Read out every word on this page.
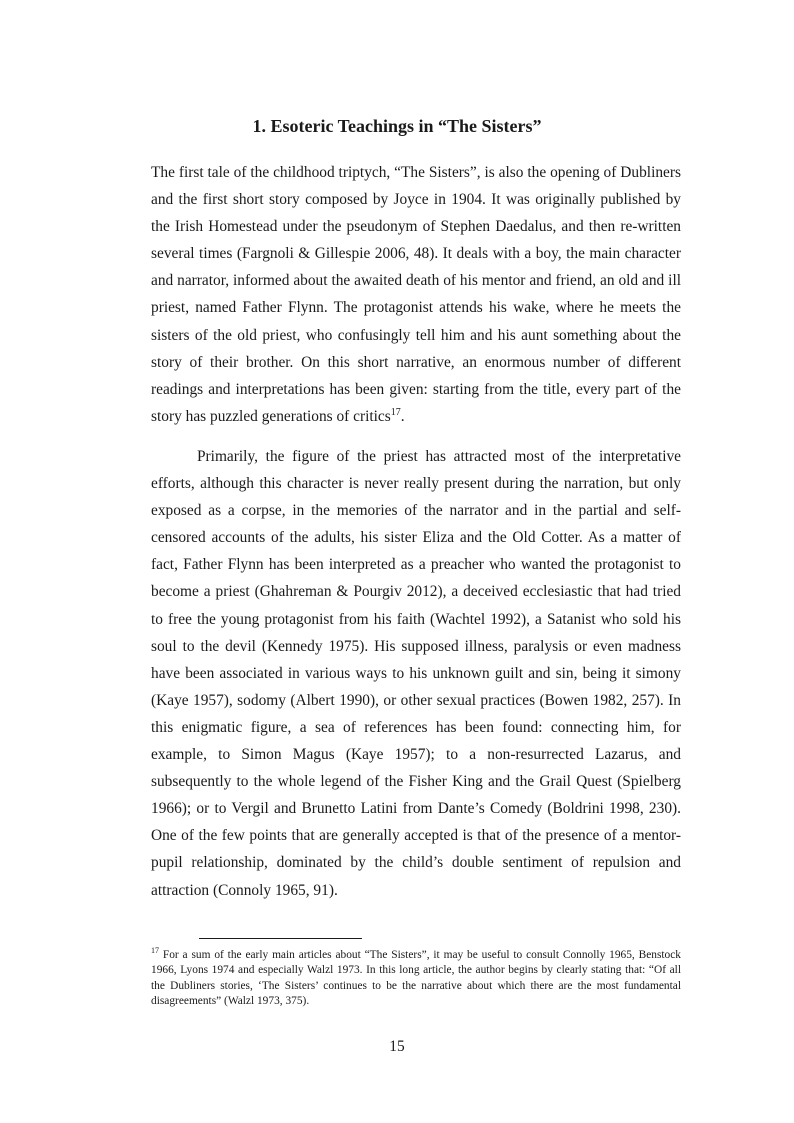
1. Esoteric Teachings in “The Sisters”

The first tale of the childhood triptych, “The Sisters”, is also the opening of Dubliners and the first short story composed by Joyce in 1904. It was originally published by the Irish Homestead under the pseudonym of Stephen Daedalus, and then re-written several times (Fargnoli & Gillespie 2006, 48). It deals with a boy, the main character and narrator, informed about the awaited death of his mentor and friend, an old and ill priest, named Father Flynn. The protagonist attends his wake, where he meets the sisters of the old priest, who confusingly tell him and his aunt something about the story of their brother. On this short narrative, an enormous number of different readings and interpretations has been given: starting from the title, every part of the story has puzzled generations of critics$^{17}$.

Primarily, the figure of the priest has attracted most of the interpretative efforts, although this character is never really present during the narration, but only exposed as a corpse, in the memories of the narrator and in the partial and self-censored accounts of the adults, his sister Eliza and the Old Cotter. As a matter of fact, Father Flynn has been interpreted as a preacher who wanted the protagonist to become a priest (Ghahreman & Pourgiv 2012), a deceived ecclesiastic that had tried to free the young protagonist from his faith (Wachtel 1992), a Satanist who sold his soul to the devil (Kennedy 1975). His supposed illness, paralysis or even madness have been associated in various ways to his unknown guilt and sin, being it simony (Kaye 1957), sodomy (Albert 1990), or other sexual practices (Bowen 1982, 257). In this enigmatic figure, a sea of references has been found: connecting him, for example, to Simon Magus (Kaye 1957); to a non-resurrected Lazarus, and subsequently to the whole legend of the Fisher King and the Grail Quest (Spielberg 1966); or to Vergil and Brunetto Latini from Dante’s Comedy (Boldrini 1998, 230). One of the few points that are generally accepted is that of the presence of a mentor-pupil relationship, dominated by the child’s double sentiment of repulsion and attraction (Connoly 1965, 91).

$^{17}$ For a sum of the early main articles about “The Sisters”, it may be useful to consult Connolly 1965, Benstock 1966, Lyons 1974 and especially Walzl 1973. In this long article, the author begins by clearly stating that: “Of all the Dubliners stories, ‘The Sisters’ continues to be the narrative about which there are the most fundamental disagreements” (Walzl 1973, 375).

15
